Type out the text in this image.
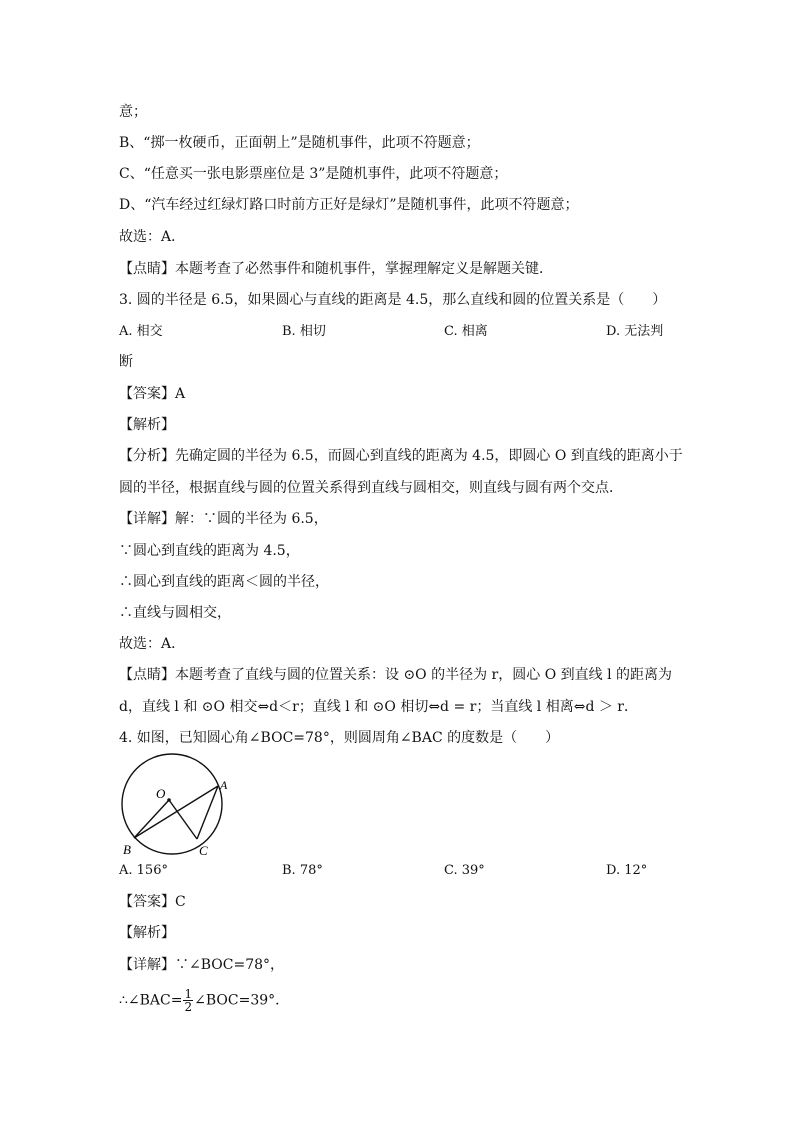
意；
B、“掷一枚硬币，正面朝上”是随机事件，此项不符题意；
C、“任意买一张电影票座位是 3”是随机事件，此项不符题意；
D、“汽车经过红绿灯路口时前方正好是绿灯”是随机事件，此项不符题意；
故选：A．
【点睛】本题考查了必然事件和随机事件，掌握理解定义是解题关键．
3. 圆的半径是 6.5，如果圆心与直线的距离是 4.5，那么直线和圆的位置关系是（　　）
A. 相交	B. 相切	C. 相离	D. 无法判
断
【答案】A
【解析】
【分析】先确定圆的半径为 6.5，而圆心到直线的距离为 4.5，即圆心 O 到直线的距离小于
圆的半径，根据直线与圆的位置关系得到直线与圆相交，则直线与圆有两个交点．
【详解】解：∵圆的半径为 6.5，
∵圆心到直线的距离为 4.5，
∴圆心到直线的距离＜圆的半径，
∴直线与圆相交，
故选：A．
【点睛】本题考查了直线与圆的位置关系：设 ⊙O 的半径为 r，圆心 O 到直线 l 的距离为
d，直线 l 和 ⊙O 相交⇔d＜r；直线 l 和 ⊙O 相切⇔d = r；当直线 l 相离⇔d ＞ r．
4. 如图，已知圆心角∠BOC=78°，则圆周角∠BAC 的度数是（　　）
O
A
B	C
A. 156°	B. 78°	C. 39°	D. 12°
【答案】C
【解析】
【详解】∵∠BOC=78°，
∴∠BAC= $\frac{1}{2}$ ∠BOC=39°．
